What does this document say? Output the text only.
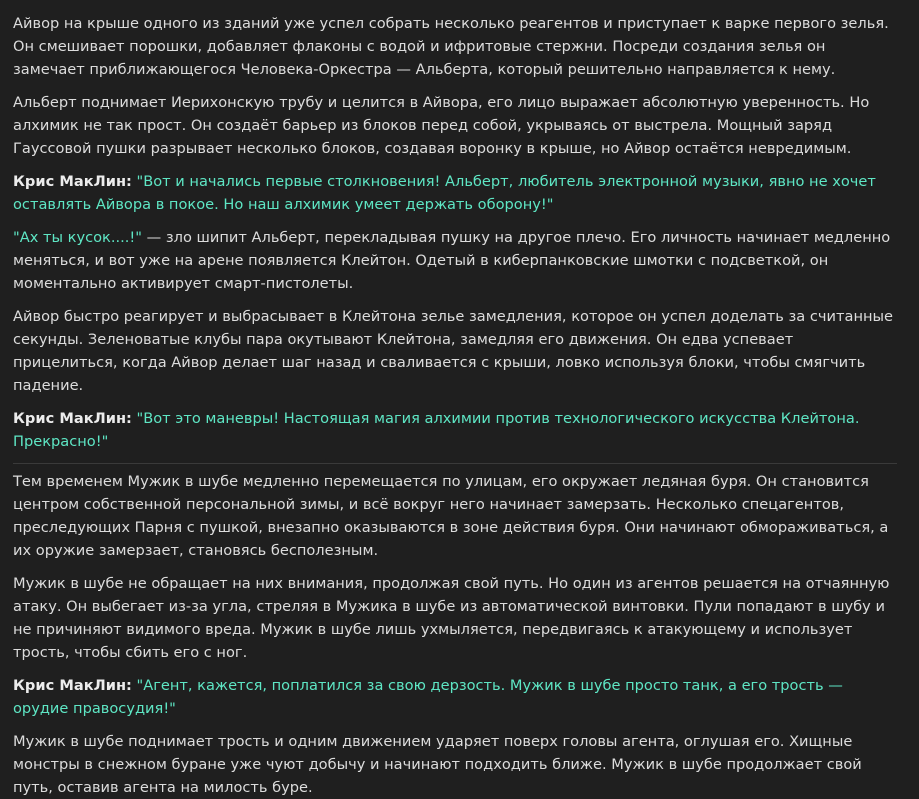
Айвор на крыше одного из зданий уже успел собрать несколько реагентов и приступает к варке первого зелья. Он смешивает порошки, добавляет флаконы с водой и ифритовые стержни. Посреди создания зелья он замечает приближающегося Человека-Оркестра — Альберта, который решительно направляется к нему.

Альберт поднимает Иерихонскую трубу и целится в Айвора, его лицо выражает абсолютную уверенность. Но алхимик не так прост. Он создаёт барьер из блоков перед собой, укрываясь от выстрела. Мощный заряд Гауссовой пушки разрывает несколько блоков, создавая воронку в крыше, но Айвор остаётся невредимым.

Крис МакЛин: "Вот и начались первые столкновения! Альберт, любитель электронной музыки, явно не хочет оставлять Айвора в покое. Но наш алхимик умеет держать оборону!"

"Ах ты кусок....!" — зло шипит Альберт, перекладывая пушку на другое плечо. Его личность начинает медленно меняться, и вот уже на арене появляется Клейтон. Одетый в киберпанковские шмотки с подсветкой, он моментально активирует смарт-пистолеты.

Айвор быстро реагирует и выбрасывает в Клейтона зелье замедления, которое он успел доделать за считанные секунды. Зеленоватые клубы пара окутывают Клейтона, замедляя его движения. Он едва успевает прицелиться, когда Айвор делает шаг назад и сваливается с крыши, ловко используя блоки, чтобы смягчить падение.

Крис МакЛин: "Вот это маневры! Настоящая магия алхимии против технологического искусства Клейтона. Прекрасно!"

Тем временем Мужик в шубе медленно перемещается по улицам, его окружает ледяная буря. Он становится центром собственной персональной зимы, и всё вокруг него начинает замерзать. Несколько спецагентов, преследующих Парня с пушкой, внезапно оказываются в зоне действия буря. Они начинают обмораживаться, а их оружие замерзает, становясь бесполезным.

Мужик в шубе не обращает на них внимания, продолжая свой путь. Но один из агентов решается на отчаянную атаку. Он выбегает из-за угла, стреляя в Мужика в шубе из автоматической винтовки. Пули попадают в шубу и не причиняют видимого вреда. Мужик в шубе лишь ухмыляется, передвигаясь к атакующему и использует трость, чтобы сбить его с ног.

Крис МакЛин: "Агент, кажется, поплатился за свою дерзость. Мужик в шубе просто танк, а его трость — орудие правосудия!"

Мужик в шубе поднимает трость и одним движением ударяет поверх головы агента, оглушая его. Хищные монстры в снежном буране уже чуют добычу и начинают подходить ближе. Мужик в шубе продолжает свой путь, оставив агента на милость буре.
